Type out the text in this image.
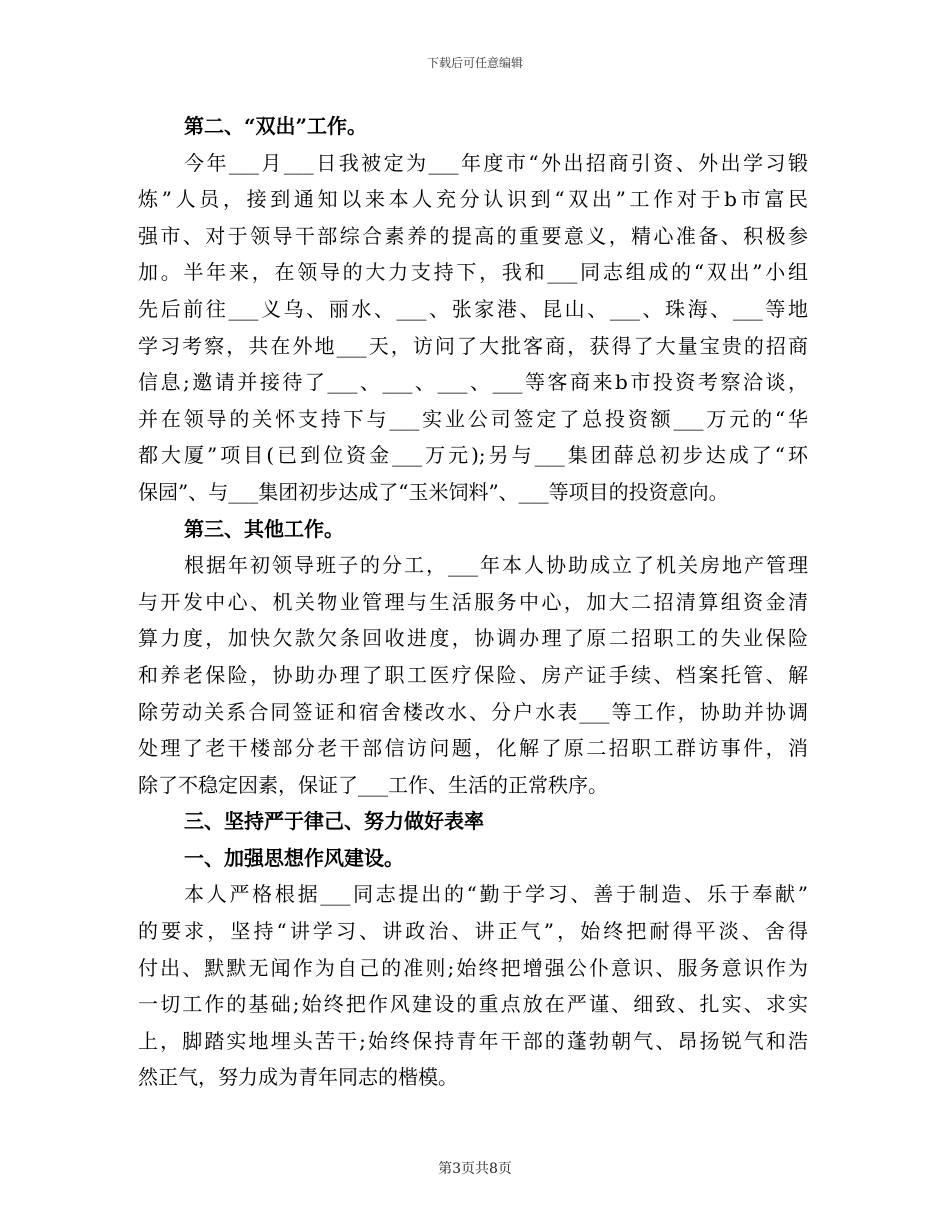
下载后可任意编辑
第二、“双出”工作。
今年___月___日我被定为___年度市“外出招商引资、外出学习锻
炼”人员，接到通知以来本人充分认识到“双出”工作对于b市富民
强市、对于领导干部综合素养的提高的重要意义，精心准备、积极参
加。半年来，在领导的大力支持下，我和___同志组成的“双出”小组
先后前往___义乌、丽水、___、张家港、昆山、___、珠海、___等地
学习考察，共在外地___天，访问了大批客商，获得了大量宝贵的招商
信息;邀请并接待了___、___、___、___等客商来b市投资考察洽谈，
并在领导的关怀支持下与___实业公司签定了总投资额___万元的“华
都大厦”项目(已到位资金___万元);另与___集团薛总初步达成了“环
保园”、与___集团初步达成了“玉米饲料”、___等项目的投资意向。
第三、其他工作。
根据年初领导班子的分工，___年本人协助成立了机关房地产管理
与开发中心、机关物业管理与生活服务中心，加大二招清算组资金清
算力度，加快欠款欠条回收进度，协调办理了原二招职工的失业保险
和养老保险，协助办理了职工医疗保险、房产证手续、档案托管、解
除劳动关系合同签证和宿舍楼改水、分户水表___等工作，协助并协调
处理了老干楼部分老干部信访问题，化解了原二招职工群访事件，消
除了不稳定因素，保证了___工作、生活的正常秩序。
三、坚持严于律己、努力做好表率
一、加强思想作风建设。
本人严格根据___同志提出的“勤于学习、善于制造、乐于奉献”
的要求，坚持“讲学习、讲政治、讲正气”，始终把耐得平淡、舍得
付出、默默无闻作为自己的准则;始终把增强公仆意识、服务意识作为
一切工作的基础;始终把作风建设的重点放在严谨、细致、扎实、求实
上，脚踏实地埋头苦干;始终保持青年干部的蓬勃朝气、昂扬锐气和浩
然正气，努力成为青年同志的楷模。
第3页共8页
